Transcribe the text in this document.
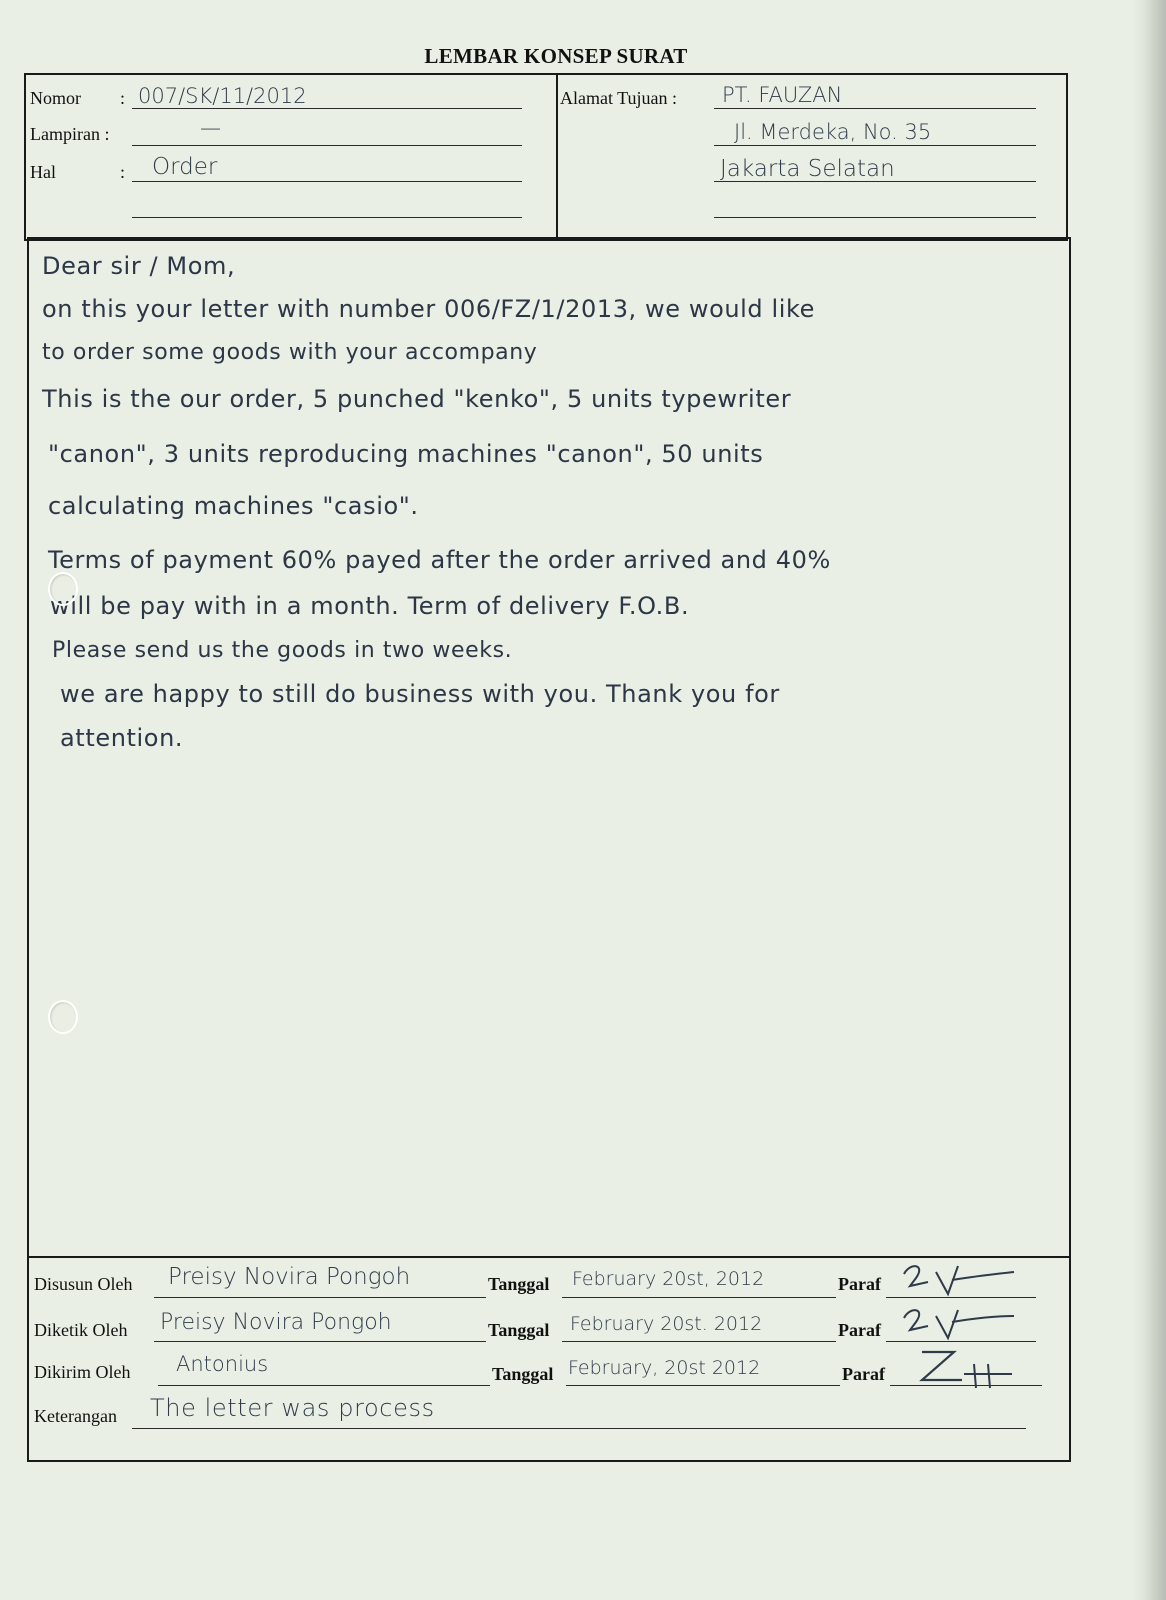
LEMBAR KONSEP SURAT
Nomor : 007/SK/11/2012
Lampiran :	—
Hal	: Order
Alamat Tujuan : PT. FAUZAN
Jl. Merdeka, No. 35
Jakarta Selatan
Dear sir / Mom,
on this your letter with number 006/FZ/1/2013, we would like
to order some goods with your accompany
This is the our order, 5 punched "kenko", 5 units typewriter
"canon", 3 units reproducing machines "canon", 50 units
calculating machines "casio".
Terms of payment 60% payed after the order arrived and 40%
will be pay with in a month. Term of delivery F.O.B.
Please send us the goods in two weeks.
we are happy to still do business with you. Thank you for
attention.
Disusun Oleh Preisy Novira Pongoh	Tanggal February 20st, 2012	Paraf
Diketik Oleh Preisy Novira Pongoh	Tanggal February 20st. 2012	Paraf
Dikirim Oleh Antonius	Tanggal February, 20st 2012	Paraf
Keterangan The letter was process
